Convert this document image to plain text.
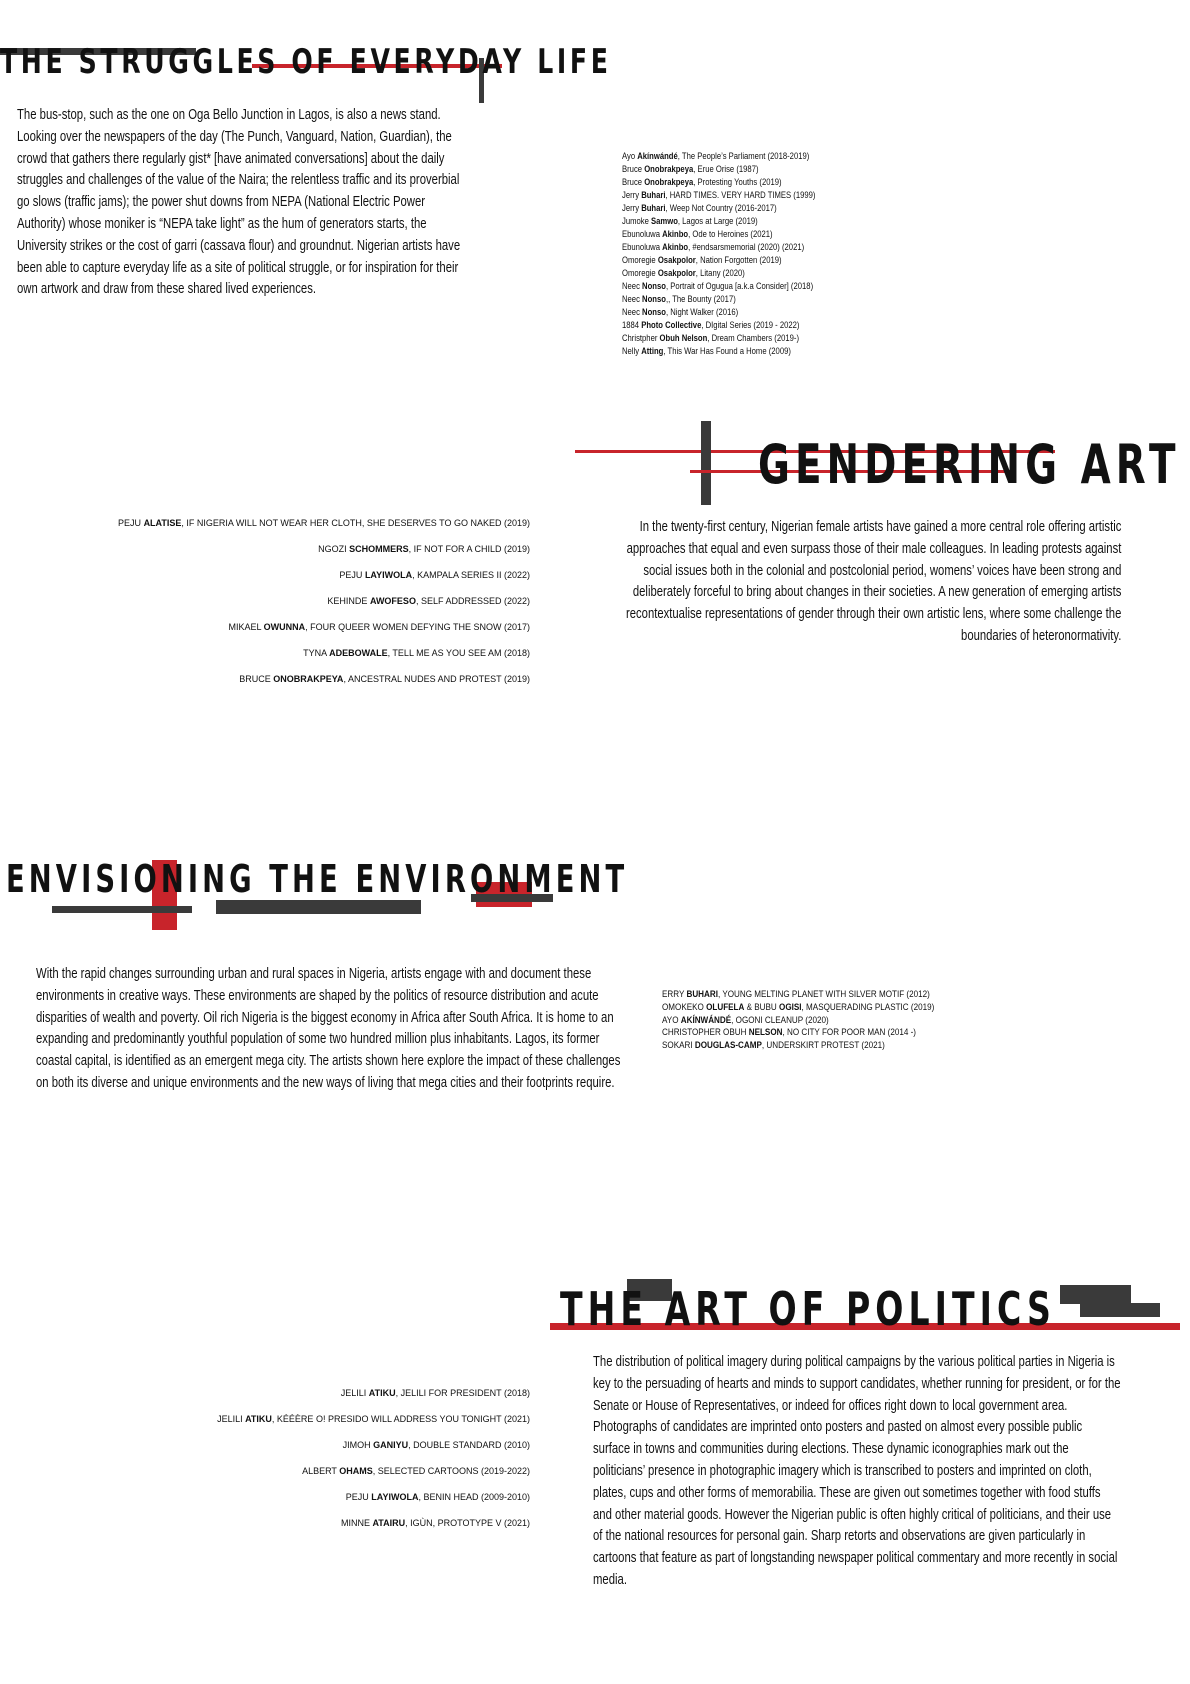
THE STRUGGLES OF EVERYDAY LIFE
The bus-stop, such as the one on Oga Bello Junction in Lagos, is also a news stand. Looking over the newspapers of the day (The Punch, Vanguard, Nation, Guardian), the crowd that gathers there regularly gist* [have animated conversations] about the daily struggles and challenges of the value of the Naira; the relentless traffic and its proverbial go slows (traffic jams); the power shut downs from NEPA (National Electric Power Authority) whose moniker is “NEPA take light” as the hum of generators starts, the University strikes or the cost of garri (cassava flour) and groundnut. Nigerian artists have been able to capture everyday life as a site of political struggle, or for inspiration for their own artwork and draw from these shared lived experiences.
Ayo Akínwándé, The People’s Parliament (2018-2019)
Bruce Onobrakpeya, Erue Orise (1987)
Bruce Onobrakpeya, Protesting Youths (2019)
Jerry Buhari, HARD TIMES. VERY HARD TIMES (1999)
Jerry Buhari, Weep Not Country (2016-2017)
Jumoke Samwo, Lagos at Large (2019)
Ebunoluwa Akinbo, Ode to Heroines (2021)
Ebunoluwa Akinbo, #endsarsmemorial (2020) (2021)
Omoregie Osakpolor, Nation Forgotten (2019)
Omoregie Osakpolor, Litany (2020)
Neec Nonso, Portrait of Ogugua [a.k.a Consider] (2018)
Neec Nonso,, The Bounty (2017)
Neec Nonso, Night Walker (2016)
1884 Photo Collective, DIgital Series (2019 - 2022)
Christpher Obuh Nelson, Dream Chambers (2019-)
Nelly Atting, This War Has Found a Home (2009)
GENDERING ART
In the twenty-first century, Nigerian female artists have gained a more central role offering artistic approaches that equal and even surpass those of their male colleagues. In leading protests against social issues both in the colonial and postcolonial period, womens’ voices have been strong and deliberately forceful to bring about changes in their societies. A new generation of emerging artists recontextualise representations of gender through their own artistic lens, where some challenge the boundaries of heteronormativity.
PEJU ALATISE, IF NIGERIA WILL NOT WEAR HER CLOTH, SHE DESERVES TO GO NAKED (2019)
NGOZI SCHOMMERS, IF NOT FOR A CHILD (2019)
PEJU LAYIWOLA, KAMPALA SERIES II (2022)
KEHINDE AWOFESO, SELF ADDRESSED (2022)
MIKAEL OWUNNA, FOUR QUEER WOMEN DEFYING THE SNOW (2017)
TYNA ADEBOWALE, TELL ME AS YOU SEE AM (2018)
BRUCE ONOBRAKPEYA, ANCESTRAL NUDES AND PROTEST (2019)
ENVISIONING THE ENVIRONMENT
With the rapid changes surrounding urban and rural spaces in Nigeria, artists engage with and document these environments in creative ways. These environments are shaped by the politics of resource distribution and acute disparities of wealth and poverty. Oil rich Nigeria is the biggest economy in Africa after South Africa. It is home to an expanding and predominantly youthful population of some two hundred million plus inhabitants. Lagos, its former coastal capital, is identified as an emergent mega city. The artists shown here explore the impact of these challenges on both its diverse and unique environments and the new ways of living that mega cities and their footprints require.
ERRY BUHARI, YOUNG MELTING PLANET WITH SILVER MOTIF (2012)
OMOKEKO OLUFELA & BUBU OGISI, MASQUERADING PLASTIC (2019)
AYO AKÍNWÁNDÉ, OGONI CLEANUP (2020)
CHRISTOPHER OBUH NELSON, NO CITY FOR POOR MAN (2014 -)
SOKARI DOUGLAS-CAMP, UNDERSKIRT PROTEST (2021)
THE ART OF POLITICS
The distribution of political imagery during political campaigns by the various political parties in Nigeria is key to the persuading of hearts and minds to support candidates, whether running for president, or for the Senate or House of Representatives, or indeed for offices right down to local government area. Photographs of candidates are imprinted onto posters and pasted on almost every possible public surface in towns and communities during elections. These dynamic iconographies mark out the politicians’ presence in photographic imagery which is transcribed to posters and imprinted on cloth, plates, cups and other forms of memorabilia. These are given out sometimes together with food stuffs and other material goods. However the Nigerian public is often highly critical of politicians, and their use of the national resources for personal gain. Sharp retorts and observations are given particularly in cartoons that feature as part of longstanding newspaper political commentary and more recently in social media.
JELILI ATIKU, JELILI FOR PRESIDENT (2018)
JELILI ATIKU, KÉÉÈRE O! PRESIDO WILL ADDRESS YOU TONIGHT (2021)
JIMOH GANIYU, DOUBLE STANDARD (2010)
ALBERT OHAMS, SELECTED CARTOONS (2019-2022)
PEJU LAYIWOLA, BENIN HEAD (2009-2010)
MINNE ATAIRU, IGÙN, PROTOTYPE V (2021)
